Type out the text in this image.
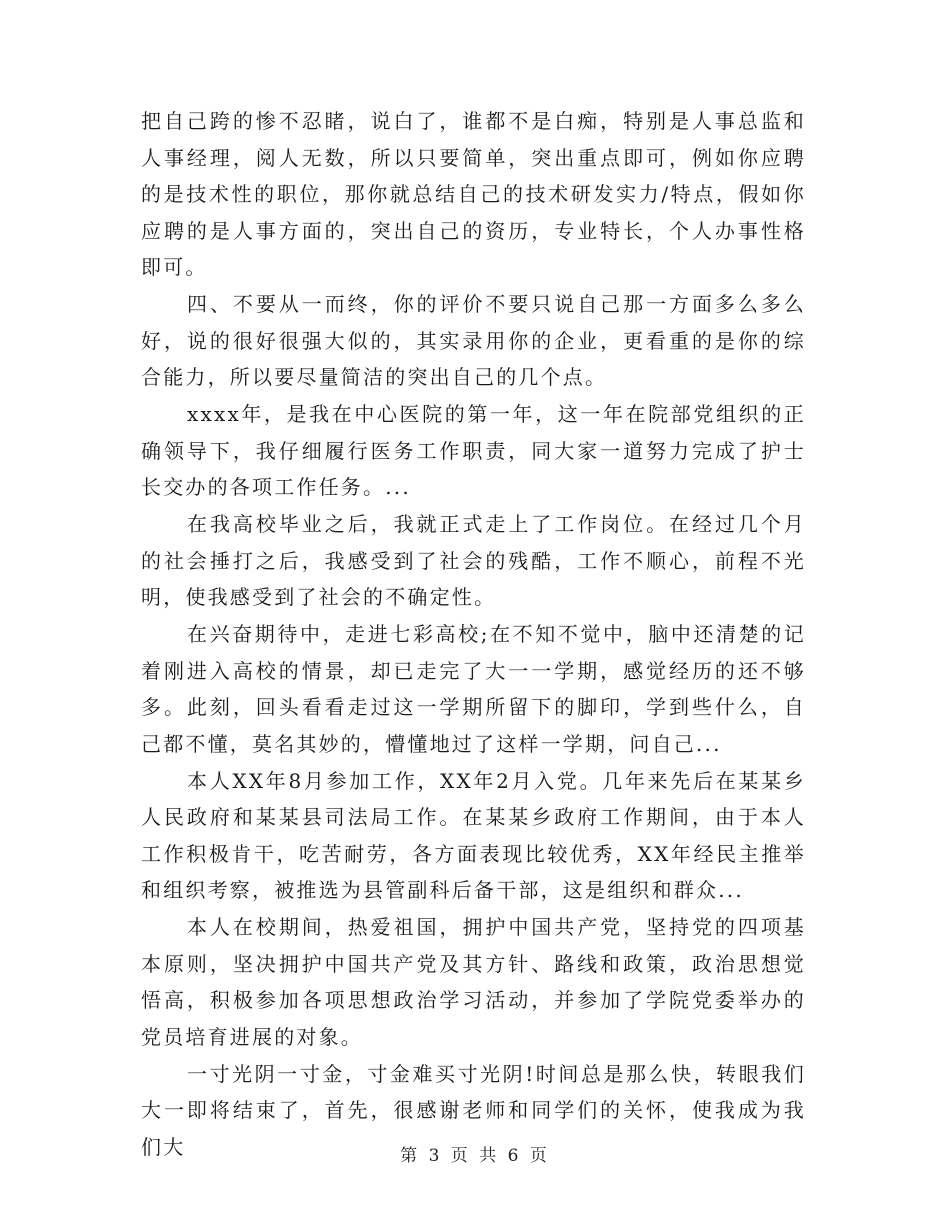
把自己跨的惨不忍睹，说白了，谁都不是白痴，特别是人事总监和人事经理，阅人无数，所以只要简单，突出重点即可，例如你应聘的是技术性的职位，那你就总结自己的技术研发实力/特点，假如你应聘的是人事方面的，突出自己的资历，专业特长，个人办事性格即可。

四、不要从一而终，你的评价不要只说自己那一方面多么多么好，说的很好很强大似的，其实录用你的企业，更看重的是你的综合能力，所以要尽量简洁的突出自己的几个点。

xxxx年，是我在中心医院的第一年，这一年在院部党组织的正确领导下，我仔细履行医务工作职责，同大家一道努力完成了护士长交办的各项工作任务。...

在我高校毕业之后，我就正式走上了工作岗位。在经过几个月的社会捶打之后，我感受到了社会的残酷，工作不顺心，前程不光明，使我感受到了社会的不确定性。

在兴奋期待中，走进七彩高校;在不知不觉中，脑中还清楚的记着刚进入高校的情景，却已走完了大一一学期，感觉经历的还不够多。此刻，回头看看走过这一学期所留下的脚印，学到些什么，自己都不懂，莫名其妙的，懵懂地过了这样一学期，问自己...

本人XX年8月参加工作，XX年2月入党。几年来先后在某某乡人民政府和某某县司法局工作。在某某乡政府工作期间，由于本人工作积极肯干，吃苦耐劳，各方面表现比较优秀，XX年经民主推举和组织考察，被推选为县管副科后备干部，这是组织和群众...

本人在校期间，热爱祖国，拥护中国共产党，坚持党的四项基本原则，坚决拥护中国共产党及其方针、路线和政策，政治思想觉悟高，积极参加各项思想政治学习活动，并参加了学院党委举办的党员培育进展的对象。

一寸光阴一寸金，寸金难买寸光阴!时间总是那么快，转眼我们大一即将结束了，首先，很感谢老师和同学们的关怀，使我成为我们大	第 3 页 共 6 页
